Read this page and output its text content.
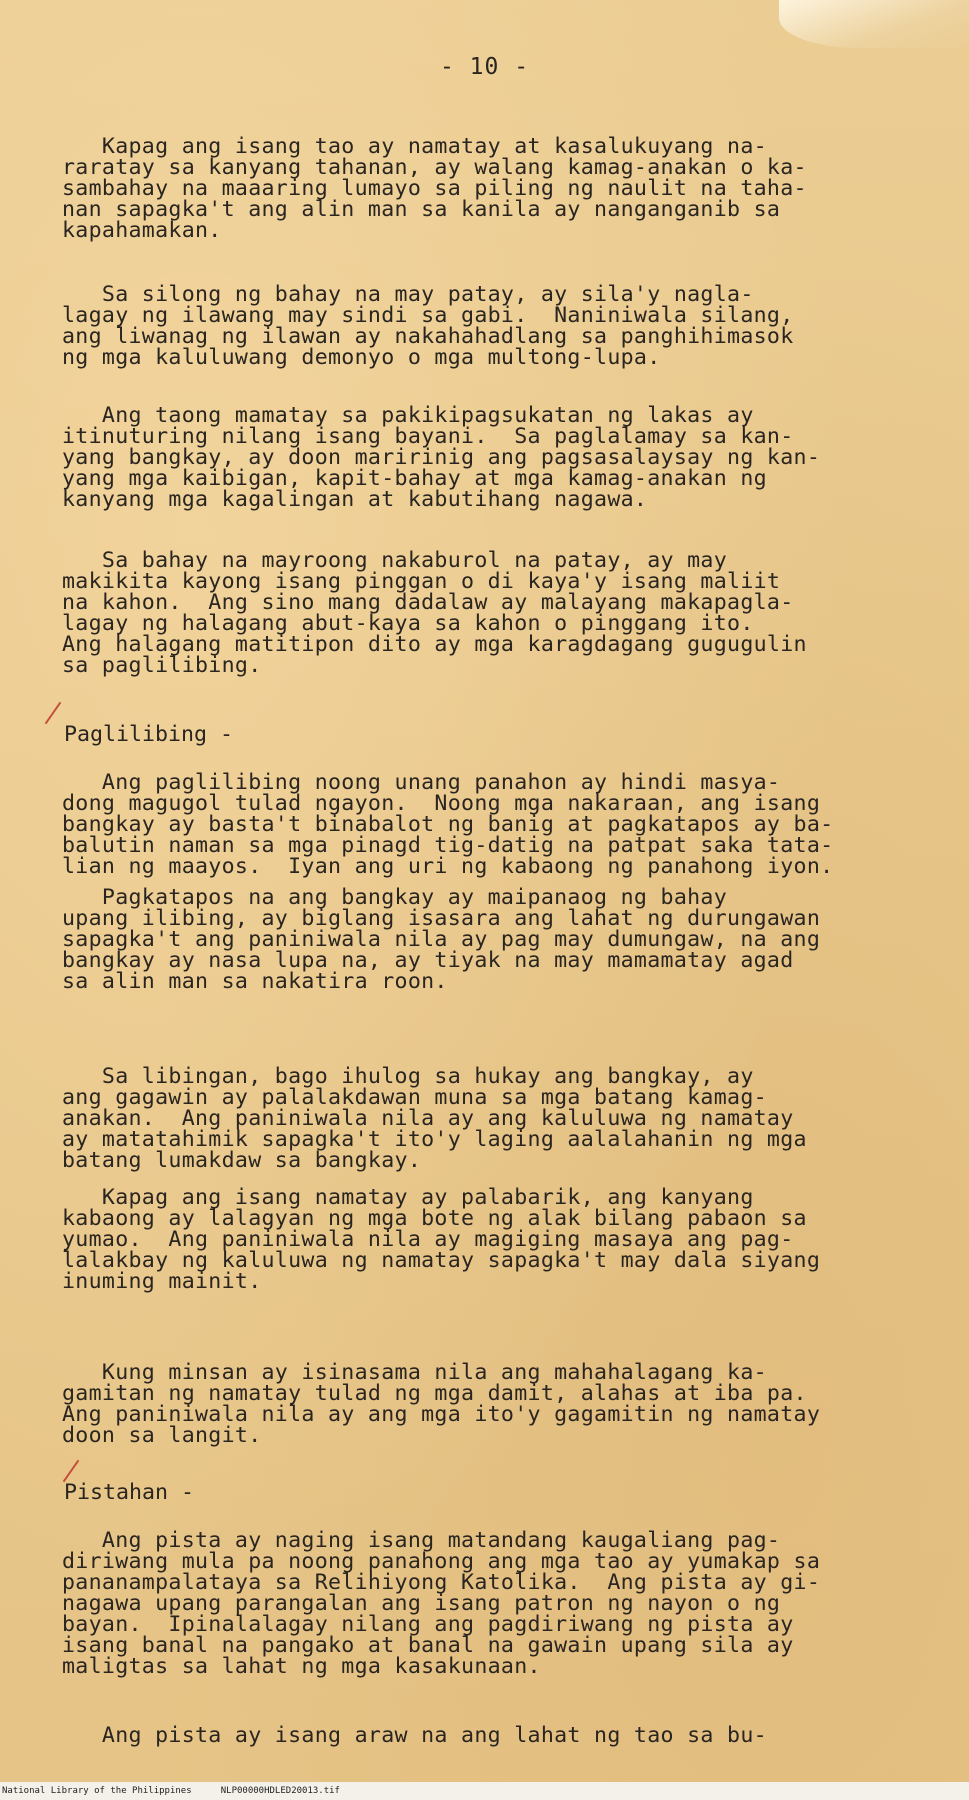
- 10 -
Kapag ang isang tao ay namatay at kasalukuyang na-
raratay sa kanyang tahanan, ay walang kamag-anakan o ka-
sambahay na maaaring lumayo sa piling ng naulit na taha-
nan sapagka't ang alin man sa kanila ay nanganganib sa
kapahamakan.
Sa silong ng bahay na may patay, ay sila'y nagla-
lagay ng ilawang may sindi sa gabi.  Naniniwala silang,
ang liwanag ng ilawan ay nakahahadlang sa panghihimasok
ng mga kaluluwang demonyo o mga multong-lupa.
Ang taong mamatay sa pakikipagsukatan ng lakas ay
itinuturing nilang isang bayani.  Sa paglalamay sa kan-
yang bangkay, ay doon maririnig ang pagsasalaysay ng kan-
yang mga kaibigan, kapit-bahay at mga kamag-anakan ng
kanyang mga kagalingan at kabutihang nagawa.
Sa bahay na mayroong nakaburol na patay, ay may
makikita kayong isang pinggan o di kaya'y isang maliit
na kahon.  Ang sino mang dadalaw ay malayang makapagla-
lagay ng halagang abut-kaya sa kahon o pinggang ito.
Ang halagang matitipon dito ay mga karagdagang gugugulin
sa paglilibing.
Paglilibing -
Ang paglilibing noong unang panahon ay hindi masya-
dong magugol tulad ngayon.  Noong mga nakaraan, ang isang
bangkay ay basta't binabalot ng banig at pagkatapos ay ba-
balutin naman sa mga pinagd tig-datig na patpat saka tata-
lian ng maayos.  Iyan ang uri ng kabaong ng panahong iyon.
Pagkatapos na ang bangkay ay maipanaog ng bahay
upang ilibing, ay biglang isasara ang lahat ng durungawan
sapagka't ang paniniwala nila ay pag may dumungaw, na ang
bangkay ay nasa lupa na, ay tiyak na may mamamatay agad
sa alin man sa nakatira roon.
Sa libingan, bago ihulog sa hukay ang bangkay, ay
ang gagawin ay palalakdawan muna sa mga batang kamag-
anakan.  Ang paniniwala nila ay ang kaluluwa ng namatay
ay matatahimik sapagka't ito'y laging aalalahanin ng mga
batang lumakdaw sa bangkay.
Kapag ang isang namatay ay palabarik, ang kanyang
kabaong ay lalagyan ng mga bote ng alak bilang pabaon sa
yumao.  Ang paniniwala nila ay magiging masaya ang pag-
lalakbay ng kaluluwa ng namatay sapagka't may dala siyang
inuming mainit.
Kung minsan ay isinasama nila ang mahahalagang ka-
gamitan ng namatay tulad ng mga damit, alahas at iba pa.
Ang paniniwala nila ay ang mga ito'y gagamitin ng namatay
doon sa langit.
Pistahan -
Ang pista ay naging isang matandang kaugaliang pag-
diriwang mula pa noong panahong ang mga tao ay yumakap sa
pananampalataya sa Relihiyong Katolika.  Ang pista ay gi-
nagawa upang parangalan ang isang patron ng nayon o ng
bayan.  Ipinalalagay nilang ang pagdiriwang ng pista ay
isang banal na pangako at banal na gawain upang sila ay
maligtas sa lahat ng mga kasakunaan.
Ang pista ay isang araw na ang lahat ng tao sa bu-
National Library of the Philippines	NLP00000HDLED20013.tif
